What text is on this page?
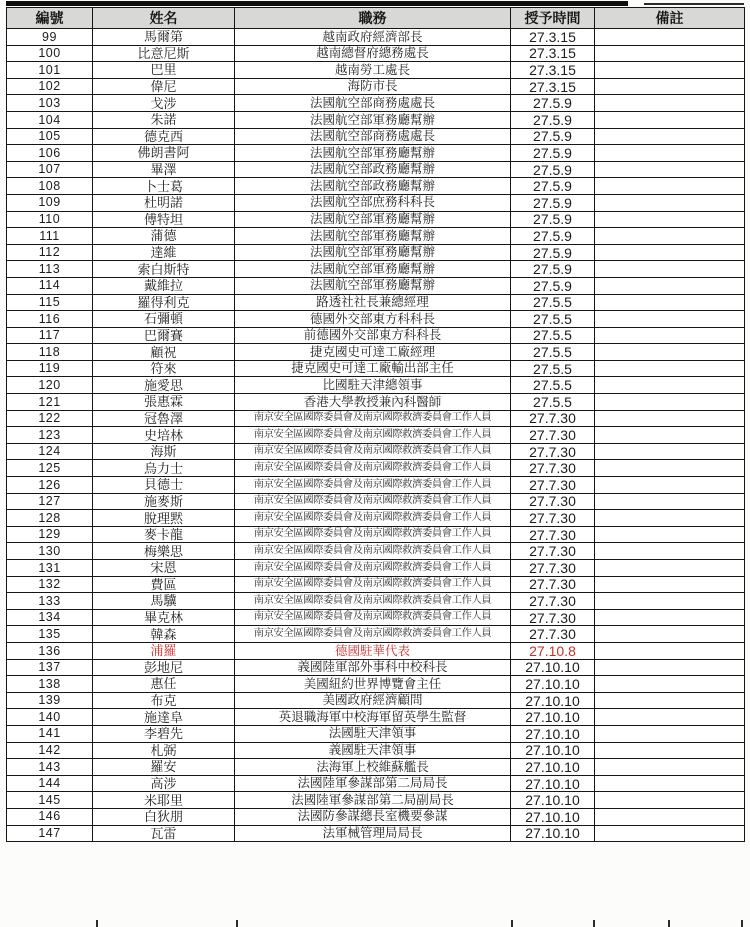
編號	姓名	職務	授予時間	備註
99	馬爾第	越南政府經濟部長	27.3.15	
100	比意尼斯	越南總督府總務處長	27.3.15	
101	巴里	越南勞工處長	27.3.15	
102	偉尼	海防市長	27.3.15	
103	戈涉	法國航空部商務處處長	27.5.9	
104	朱諾	法國航空部軍務廳幫辦	27.5.9	
105	德克西	法國航空部商務處處長	27.5.9	
106	佛朗書阿	法國航空部軍務廳幫辦	27.5.9	
107	畢澤	法國航空部政務廳幫辦	27.5.9	
108	卜士葛	法國航空部政務廳幫辦	27.5.9	
109	杜明諾	法國航空部庶務科科長	27.5.9	
110	傅特坦	法國航空部軍務廳幫辦	27.5.9	
111	蒲德	法國航空部軍務廳幫辦	27.5.9	
112	達維	法國航空部軍務廳幫辦	27.5.9	
113	索白斯特	法國航空部軍務廳幫辦	27.5.9	
114	戴維拉	法國航空部軍務廳幫辦	27.5.9	
115	羅得利克	路透社社長兼總經理	27.5.5	
116	石彌頓	德國外交部東方科科長	27.5.5	
117	巴爾賽	前德國外交部東方科科長	27.5.5	
118	顧祝	捷克國史可達工廠經理	27.5.5	
119	符來	捷克國史可達工廠輸出部主任	27.5.5	
120	施愛思	比國駐天津總領事	27.5.5	
121	張惠霖	香港大學教授兼內科醫師	27.5.5	
122	冠魯澤	南京安全區國際委員會及南京國際救濟委員會工作人員	27.7.30	
123	史培林	南京安全區國際委員會及南京國際救濟委員會工作人員	27.7.30	
124	海斯	南京安全區國際委員會及南京國際救濟委員會工作人員	27.7.30	
125	烏力士	南京安全區國際委員會及南京國際救濟委員會工作人員	27.7.30	
126	貝德士	南京安全區國際委員會及南京國際救濟委員會工作人員	27.7.30	
127	施麥斯	南京安全區國際委員會及南京國際救濟委員會工作人員	27.7.30	
128	脫理黙	南京安全區國際委員會及南京國際救濟委員會工作人員	27.7.30	
129	麥卡龍	南京安全區國際委員會及南京國際救濟委員會工作人員	27.7.30	
130	梅樂思	南京安全區國際委員會及南京國際救濟委員會工作人員	27.7.30	
131	宋恩	南京安全區國際委員會及南京國際救濟委員會工作人員	27.7.30	
132	費區	南京安全區國際委員會及南京國際救濟委員會工作人員	27.7.30	
133	馬驥	南京安全區國際委員會及南京國際救濟委員會工作人員	27.7.30	
134	畢克林	南京安全區國際委員會及南京國際救濟委員會工作人員	27.7.30	
135	韓森	南京安全區國際委員會及南京國際救濟委員會工作人員	27.7.30	
136	浦羅	德國駐華代表	27.10.8	
137	彭地尼	義國陸軍部外事科中校科長	27.10.10	
138	惠任	美國紐約世界博覽會主任	27.10.10	
139	布克	美國政府經濟顧問	27.10.10	
140	施達阜	英退職海軍中校海軍留英學生監督	27.10.10	
141	李碧先	法國駐天津領事	27.10.10	
142	札弼	義國駐天津領事	27.10.10	
143	羅安	法海軍上校維蘇艦長	27.10.10	
144	高涉	法國陸軍參謀部第二局局長	27.10.10	
145	米耶里	法國陸軍參謀部第二局副局長	27.10.10	
146	白狄朋	法國防參謀總長室機要參謀	27.10.10	
147	瓦雷	法軍械管理局局長	27.10.10	
